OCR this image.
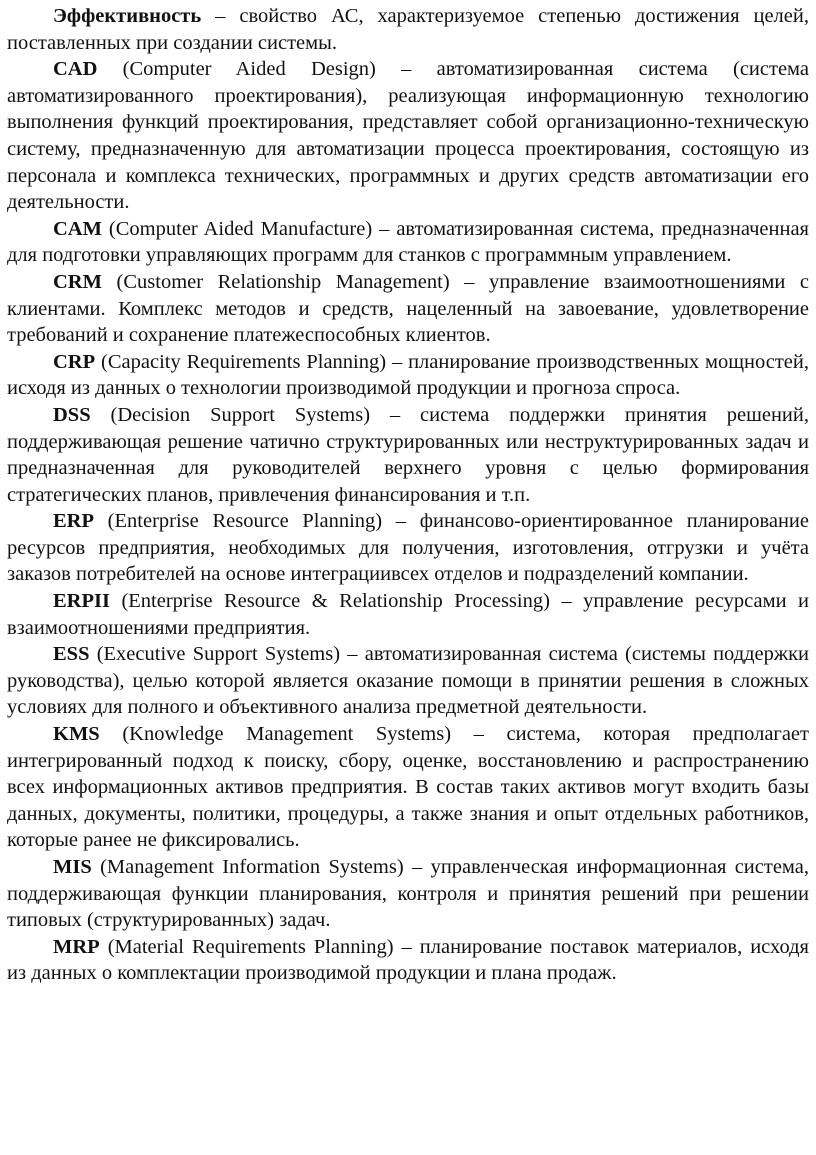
Эффективность – свойство АС, характеризуемое степенью достижения целей, поставленных при создании системы.

CAD (Computer Aided Design) – автоматизированная система (система автоматизированного проектирования), реализующая информационную технологию выполнения функций проектирования, представляет собой организационно-техническую систему, предназначенную для автоматизации процесса проектирования, состоящую из персонала и комплекса технических, программных и других средств автоматизации его деятельности.

CAM (Computer Aided Manufacture) – автоматизированная система, предназначенная для подготовки управляющих программ для станков с программным управлением.

CRM (Customer Relationship Management) – управление взаимоотношениями с клиентами. Комплекс методов и средств, нацеленный на завоевание, удовлетворение требований и сохранение платежеспособных клиентов.

CRP (Capacity Requirements Planning) – планирование производственных мощностей, исходя из данных о технологии производимой продукции и прогноза спроса.

DSS (Decision Support Systems) – система поддержки принятия решений, поддерживающая решение чатично структурированных или неструктурированных задач и предназначенная для руководителей верхнего уровня с целью формирования стратегических планов, привлечения финансирования и т.п.

ERP (Enterprise Resource Planning) – финансово-ориентированное планирование ресурсов предприятия, необходимых для получения, изготовления, отгрузки и учёта заказов потребителей на основе интеграциивсех отделов и подразделений компании.

ERPII (Enterprise Resource & Relationship Processing) – управление ресурсами и взаимоотношениями предприятия.

ESS (Executive Support Systems) – автоматизированная система (системы поддержки руководства), целью которой является оказание помощи в принятии решения в сложных условиях для полного и объективного анализа предметной деятельности.

KMS (Knowledge Management Systems) – система, которая предполагает интегрированный подход к поиску, сбору, оценке, восстановлению и распространению всех информационных активов предприятия. В состав таких активов могут входить базы данных, документы, политики, процедуры, а также знания и опыт отдельных работников, которые ранее не фиксировались.

MIS (Management Information Systems) – управленческая информационная система, поддерживающая функции планирования, контроля и принятия решений при решении типовых (структурированных) задач.

MRP (Material Requirements Planning) – планирование поставок материалов, исходя из данных о комплектации производимой продукции и плана продаж.
